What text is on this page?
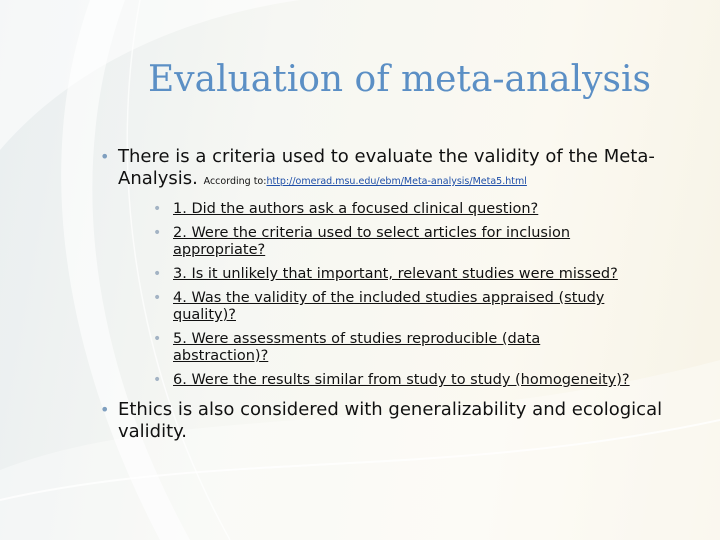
Evaluation of meta-analysis
• There is a criteria used to evaluate the validity of the Meta-Analysis. According to:http://omerad.msu.edu/ebm/Meta-analysis/Meta5.html
• 1. Did the authors ask a focused clinical question?
• 2. Were the criteria used to select articles for inclusion
appropriate?
• 3. Is it unlikely that important, relevant studies were missed?
• 4. Was the validity of the included studies appraised (study
quality)?
• 5. Were assessments of studies reproducible (data
abstraction)?
• 6. Were the results similar from study to study (homogeneity)?
• Ethics is also considered with generalizability and ecological validity.
